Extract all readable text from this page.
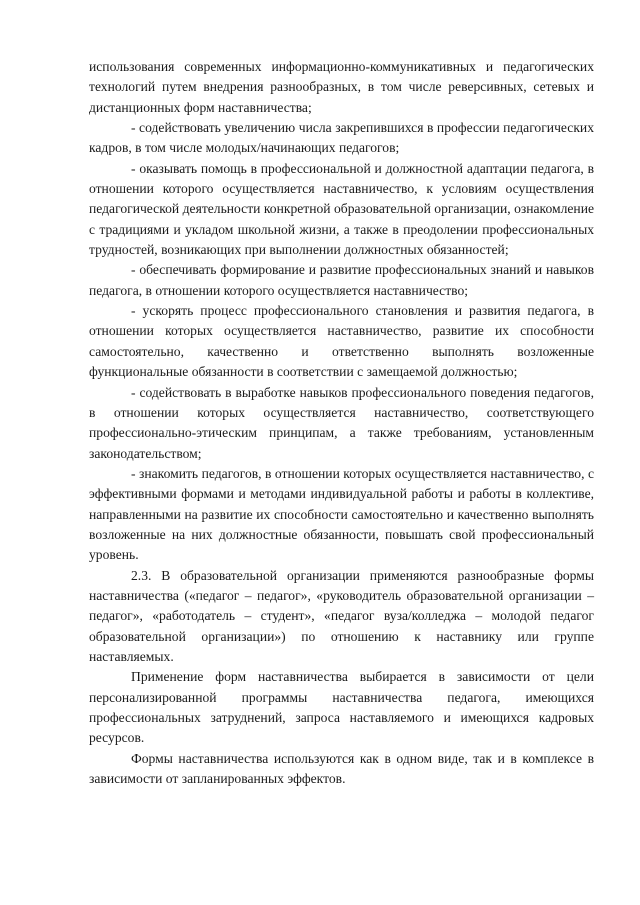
использования современных информационно-коммуникативных и педагогических технологий путем внедрения разнообразных, в том числе реверсивных, сетевых и дистанционных форм наставничества;

- содействовать увеличению числа закрепившихся в профессии педагогических кадров, в том числе молодых/начинающих педагогов;

- оказывать помощь в профессиональной и должностной адаптации педагога, в отношении которого осуществляется наставничество, к условиям осуществления педагогической деятельности конкретной образовательной организации, ознакомление с традициями и укладом школьной жизни, а также в преодолении профессиональных трудностей, возникающих при выполнении должностных обязанностей;

- обеспечивать формирование и развитие профессиональных знаний и навыков педагога, в отношении которого осуществляется наставничество;

- ускорять процесс профессионального становления и развития педагога, в отношении которых осуществляется наставничество, развитие их способности самостоятельно, качественно и ответственно выполнять возложенные функциональные обязанности в соответствии с замещаемой должностью;

- содействовать в выработке навыков профессионального поведения педагогов, в отношении которых осуществляется наставничество, соответствующего профессионально-этическим принципам, а также требованиям, установленным законодательством;

- знакомить педагогов, в отношении которых осуществляется наставничество, с эффективными формами и методами индивидуальной работы и работы в коллективе, направленными на развитие их способности самостоятельно и качественно выполнять возложенные на них должностные обязанности, повышать свой профессиональный уровень.

2.3. В образовательной организации применяются разнообразные формы наставничества («педагог – педагог», «руководитель образовательной организации – педагог», «работодатель – студент», «педагог вуза/колледжа – молодой педагог образовательной организации») по отношению к наставнику или группе наставляемых.

Применение форм наставничества выбирается в зависимости от цели персонализированной программы наставничества педагога, имеющихся профессиональных затруднений, запроса наставляемого и имеющихся кадровых ресурсов.

Формы наставничества используются как в одном виде, так и в комплексе в зависимости от запланированных эффектов.
